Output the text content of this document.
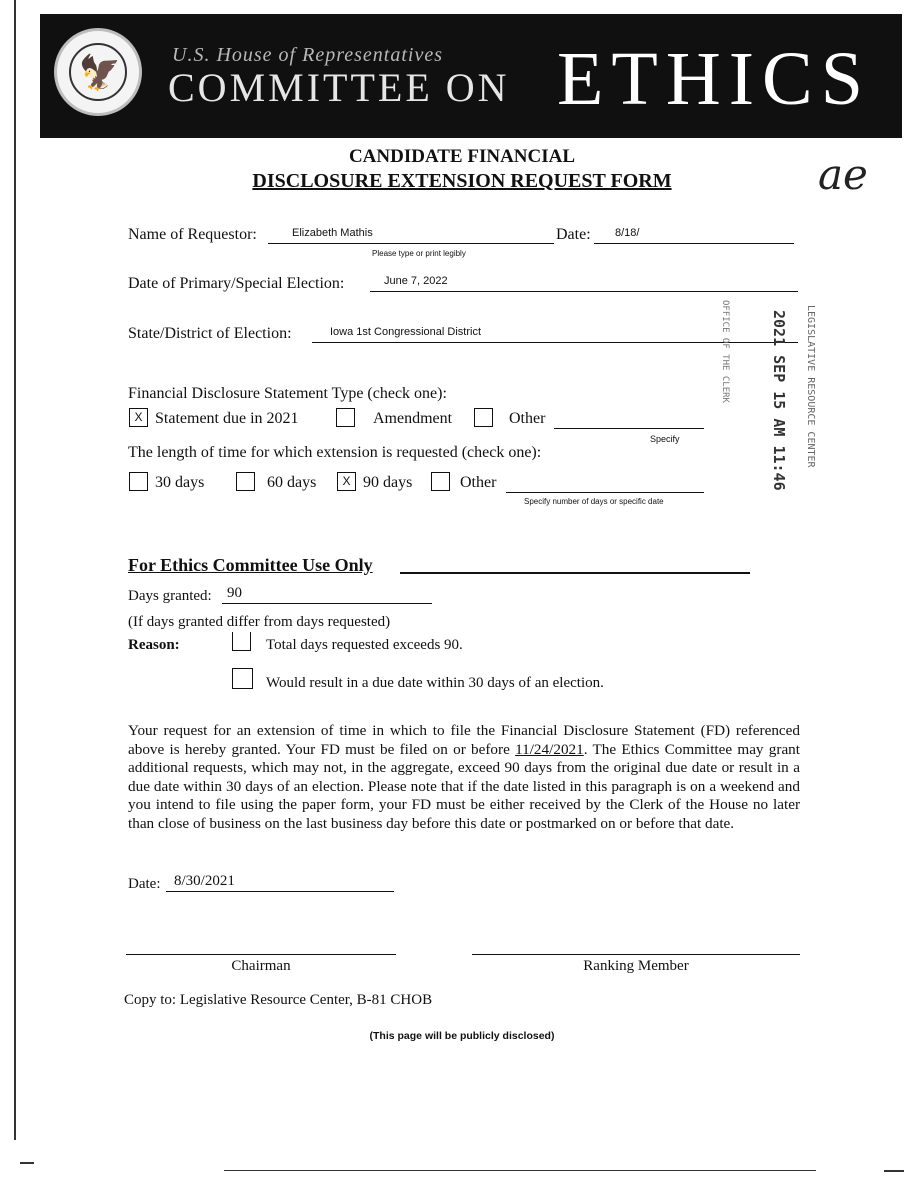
🦅	U.S. House of Representatives
COMMITTEE ON ETHICS
CANDIDATE FINANCIAL
DISCLOSURE EXTENSION REQUEST FORM	ae
Name of Requestor:	Elizabeth Mathis
Please type or print legibly
Date: 8/18/
Date of Primary/Special Election:	June 7, 2022
State/District of Election:	Iowa 1st Congressional District
Financial Disclosure Statement Type (check one):
X Statement due in 2021	Amendment	Other
Specify
The length of time for which extension is requested (check one):
30 days	60 days	X 90 days	Other
Specify number of days or specific date
2021 SEP 15 AM 11:46 LEGISLATIVE RESOURCE CENTER
OFFICE OF THE CLERK
For Ethics Committee Use Only
Days granted: 90
(If days granted differ from days requested)
Reason:	Total days requested exceeds 90.
Would result in a due date within 30 days of an election.
Your request for an extension of time in which to file the Financial Disclosure Statement (FD) referenced above is hereby granted. Your FD must be filed on or before 11/24/2021. The Ethics Committee may grant additional requests, which may not, in the aggregate, exceed 90 days from the original due date or result in a due date within 30 days of an election. Please note that if the date listed in this paragraph is on a weekend and you intend to file using the paper form, your FD must be either received by the Clerk of the House no later than close of business on the last business day before this date or postmarked on or before that date.
Date: 8/30/2021
Chairman	Ranking Member
Copy to: Legislative Resource Center, B-81 CHOB
(This page will be publicly disclosed)
